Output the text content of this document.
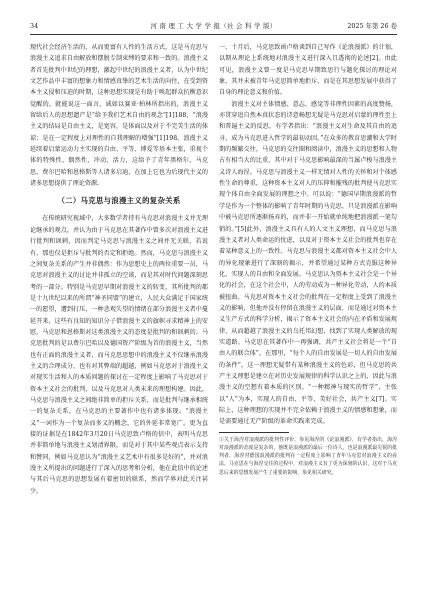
34	河 南 理 工 大 学 学 报（社 会 科 学 版）	2025 年第 26 卷

现代社会经济生活的、从而更富有人性的生活方式，这是马克思与浪漫主义追求自由解放和摆脱专制束缚的要求和一致的。浪漫主义者首先批判中世纪的理想，激起中世纪的浪漫主义者，认为中世纪文艺作品中丰富的想象力和情感真挚的艺术生活的向往，在受到资本主义侵和压迫的时期，这种思想实现是有助于唤起群众抗衡意识觉醒的，就能说这一面言，诚如以赛亚·柏林所指出的，浪漫主义留给后人的思想遗产是“给予我们艺术自由的观念”[1]188，“浪漫主义的结局是自由主义，是宽容，是体面以及对于不完美生活的体谅；是在一定程度上对理性的自我理解的增强”[1]198。浪漫主义延续着启蒙运动力主实现的自由、平等、博爱等基本主张，重视个体的特殊性、偶然性、冲动、活力，这给予了青年黑格尔、马克思、费尔巴哈和恩格斯等人诸多启迪，在加上它也为后现代主义的诸多思想提供了理论资源。

（二）马克思与浪漫主义的复杂关系

在传统研究视域中，大多数学者持有马克思对浪漫主义并无理论继承的观点，并认为由于马克思在其著作中曾多次对浪漫主义进行批判和讽刺，因而判定马克思与浪漫主义之间并无关联，若说有，那也仅是拒斥与批判的否定和拒绝。然而，马克思与浪漫主义之间复杂关系的产生并非偶然：作为思想史上的两位重要一员，马克思对浪漫主义的讨论并非孤立的空谈，而是其对时代问题深刻思考的一部分。特别是马克思早期对浪漫主义的转变，其所批判的都是十九世纪以来的所谓“神圣同盟”的建立，人民大众满足于国家统一的愿望，遭到打压，一种悲观失望的情绪在部分浪漫主义者中蔓延开来，这些有良知的知识分子借浪漫主义的旗帜寻求精神上的安慰，马克思和恩格斯对这类浪漫主义的态度是批判的和讽刺的。马克思批判的是以费尔巴哈以及德国资产阶级为首的浪漫主义，当然也有正面的浪漫主义者，而马克思思想中的浪漫主义不仅继承浪漫主义的合理成分，也有对其弊端的超越，例如马克思对于浪漫主义对现实生活和人的本质问题的探讨在一定程度上影响了马克思对于资本主义社会的批判，以及马克思对人类未来的理想构建。因此，马克思与浪漫主义之间绝非简单的拒斥关系，而是批判与继承相统一的复杂关系，在马克思的主要著作中也有诸多体现。“浪漫主义”一词作为一个复杂而多义的概念，它的外延非常宽广。更为直接的证据是在1842年3月20日马克思致卢格的信中，表明马克思并非简单地与浪漫主义划清界限，而是对于其中某些观点表示支持和赞同，例如马克思认为“浪漫主义艺术中有很多是好的”，并对浪漫主义所提出的问题进行了深入的思考和分析，他在此信中的论述与其后马克思的思想发展有着密切的联系，然而学界对此关注甚少。

一、十月后，马克思致函卢格谈到自己写作《论浪漫派》的计划，以期从理论上系统地对浪漫主义进行深入且透彻的论述[2]。由此可见，浪漫主义曾一度是马克思早期致思行与题化探讨的理论对象，其并未被青年马克思简单地拒斥，而是在其思想发展中获得了自身的理论意义和价值。

浪漫主义对主体情感、意志、感觉等非理性因素的高度赞扬，亦贯穿追自然本真状态的诗意畅想无疑是马克思对启蒙的理性至上和普遍主义的反思，有学者指出：“浪漫主义对生命及其自由的追寻，成为马克思进入哲学的最初动因。”在众多的教育思潮和大学时期的频繁交往，马克思的交往圈和阅读中，浪漫主义的思想和人物占有相当大的比重，其中对于马克思影响最深的当属卢梭与浪漫主义诗人海涅。马克思与浪漫主义一样无情对人性的关怀和对个体感性生命的尊重，这种资本主义对人的压抑和摧残的批判使马克思实现个体自由全面发展的理想之中。可以说：“德国早期浪漫派的哲学是作为一个整体的影响了青年时期的马克思，只是浪漫派在影响中被马克思所逐渐扬弃的，而并非一开始就单纯地把浪漫派一笔勾销的。”[5]此外，浪漫主义具有人的人文主义理想，而马克思与浪漫主义者对人类命运的忧虑，以及对于资本主义社会的批判也存在着某种意义上的一致性。马克思与浪漫主义都对资本主义社会中人的异化现象进行了深刻的揭示，并希望通过某种方式克服这种异化，实现人的自由和全面发展。马克思认为资本主义社会是一个异化的社会，在这个社会中，人的劳动成为一种异化劳动，人的本质被扭曲。马克思对资本主义社会的批判在一定程度上受到了浪漫主义的影响，但他并没有停留在浪漫主义的层面，而是通过对资本主义生产方式的科学分析，揭示了资本主义社会的内在矛盾和发展规律，从而超越了浪漫主义的乌托邦幻想，找到了实现人类解放的现实道路。马克思在其著作中一再强调，共产主义社会将是一个“自由人的联合体”，在那里，“每个人的自由发展是一切人的自由发展的条件”。这一理想无疑带有某种浪漫主义的色彩，但马克思的共产主义理想是建立在对历史发展规律的科学认识之上的，因此与浪漫主义的空想有着本质的区别。“一种精神与现实的哲学”，主张以“人”为本，实现人的自由、平等、美好社会，共产主义[7]。实际上，这种理想的实现并不完全依赖于浪漫主义的情感和想象，而是需要通过无产阶级的革命实践来完成。

①关于海涅对浪漫派的批判性评价，参见海涅的《论浪漫派》，有学者指出，海涅对浪漫派的态度是复杂的，他既是浪漫派的最后一位诗人，也是浪漫派最尖锐的批判者，海涅对德国浪漫派的批判在一定程度上影响了青年马克思对浪漫主义的看法。马克思在与海涅交往的过程中，对浪漫主义有了更为深刻的认识，这对于马克思后来的思想发展产生了重要的影响，参见相关研究。
